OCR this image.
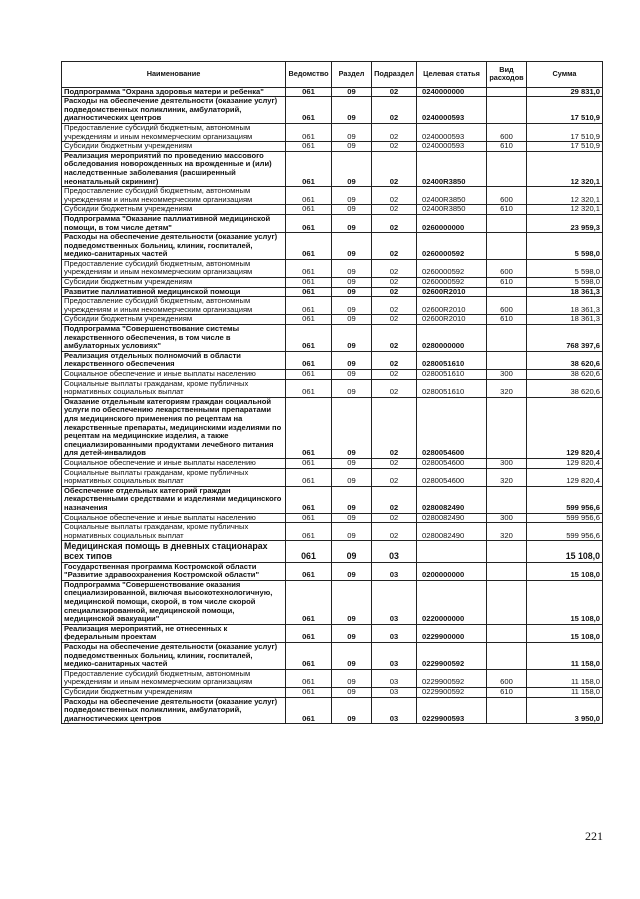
Наименование	Ведомство	Раздел	Подраздел	Целевая статья	Вид расходов	Сумма
Подпрограмма "Охрана здоровья матери и ребенка"	061	09	02	0240000000		29 831,0
Расходы на обеспечение деятельности (оказание услуг) подведомственных поликлиник, амбулаторий, диагностических центров	061	09	02	0240000593		17 510,9
Предоставление субсидий бюджетным, автономным учреждениям и иным некоммерческим организациям	061	09	02	0240000593	600	17 510,9
Субсидии бюджетным учреждениям	061	09	02	0240000593	610	17 510,9
Реализация мероприятий по проведению массового обследования новорожденных на врожденные и (или) наследственные заболевания (расширенный неонатальный скрининг)	061	09	02	02400R3850		12 320,1
Предоставление субсидий бюджетным, автономным учреждениям и иным некоммерческим организациям	061	09	02	02400R3850	600	12 320,1
Субсидии бюджетным учреждениям	061	09	02	02400R3850	610	12 320,1
Подпрограмма "Оказание паллиативной медицинской помощи, в том числе детям"	061	09	02	0260000000		23 959,3
Расходы на обеспечение деятельности (оказание услуг) подведомственных больниц, клиник, госпиталей, медико-санитарных частей	061	09	02	0260000592		5 598,0
Предоставление субсидий бюджетным, автономным учреждениям и иным некоммерческим организациям	061	09	02	0260000592	600	5 598,0
Субсидии бюджетным учреждениям	061	09	02	0260000592	610	5 598,0
Развитие паллиативной медицинской помощи	061	09	02	02600R2010		18 361,3
Предоставление субсидий бюджетным, автономным учреждениям и иным некоммерческим организациям	061	09	02	02600R2010	600	18 361,3
Субсидии бюджетным учреждениям	061	09	02	02600R2010	610	18 361,3
Подпрограмма "Совершенствование системы лекарственного обеспечения, в том числе в амбулаторных условиях"	061	09	02	0280000000		768 397,6
Реализация отдельных полномочий в области лекарственного обеспечения	061	09	02	0280051610		38 620,6
Социальное обеспечение и иные выплаты населению	061	09	02	0280051610	300	38 620,6
Социальные выплаты гражданам, кроме публичных нормативных социальных выплат	061	09	02	0280051610	320	38 620,6
Оказание отдельным категориям граждан социальной услуги по обеспечению лекарственными препаратами для медицинского применения по рецептам на лекарственные препараты, медицинскими изделиями по рецептам на медицинские изделия, а также специализированными продуктами лечебного питания для детей-инвалидов	061	09	02	0280054600		129 820,4
Социальное обеспечение и иные выплаты населению	061	09	02	0280054600	300	129 820,4
Социальные выплаты гражданам, кроме публичных нормативных социальных выплат	061	09	02	0280054600	320	129 820,4
Обеспечение отдельных категорий граждан лекарственными средствами и изделиями медицинского назначения	061	09	02	0280082490		599 956,6
Социальное обеспечение и иные выплаты населению	061	09	02	0280082490	300	599 956,6
Социальные выплаты гражданам, кроме публичных нормативных социальных выплат	061	09	02	0280082490	320	599 956,6
Медицинская помощь в дневных стационарах всех типов	061	09	03			15 108,0
Государственная программа Костромской области "Развитие здравоохранения Костромской области"	061	09	03	0200000000		15 108,0
Подпрограмма "Совершенствование оказания специализированной, включая высокотехнологичную, медицинской помощи, скорой, в том числе скорой специализированной, медицинской помощи, медицинской эвакуации"	061	09	03	0220000000		15 108,0
Реализация мероприятий, не отнесенных к федеральным проектам	061	09	03	0229900000		15 108,0
Расходы на обеспечение деятельности (оказание услуг) подведомственных больниц, клиник, госпиталей, медико-санитарных частей	061	09	03	0229900592		11 158,0
Предоставление субсидий бюджетным, автономным учреждениям и иным некоммерческим организациям	061	09	03	0229900592	600	11 158,0
Субсидии бюджетным учреждениям	061	09	03	0229900592	610	11 158,0
Расходы на обеспечение деятельности (оказание услуг) подведомственных поликлиник, амбулаторий, диагностических центров	061	09	03	0229900593		3 950,0
221
